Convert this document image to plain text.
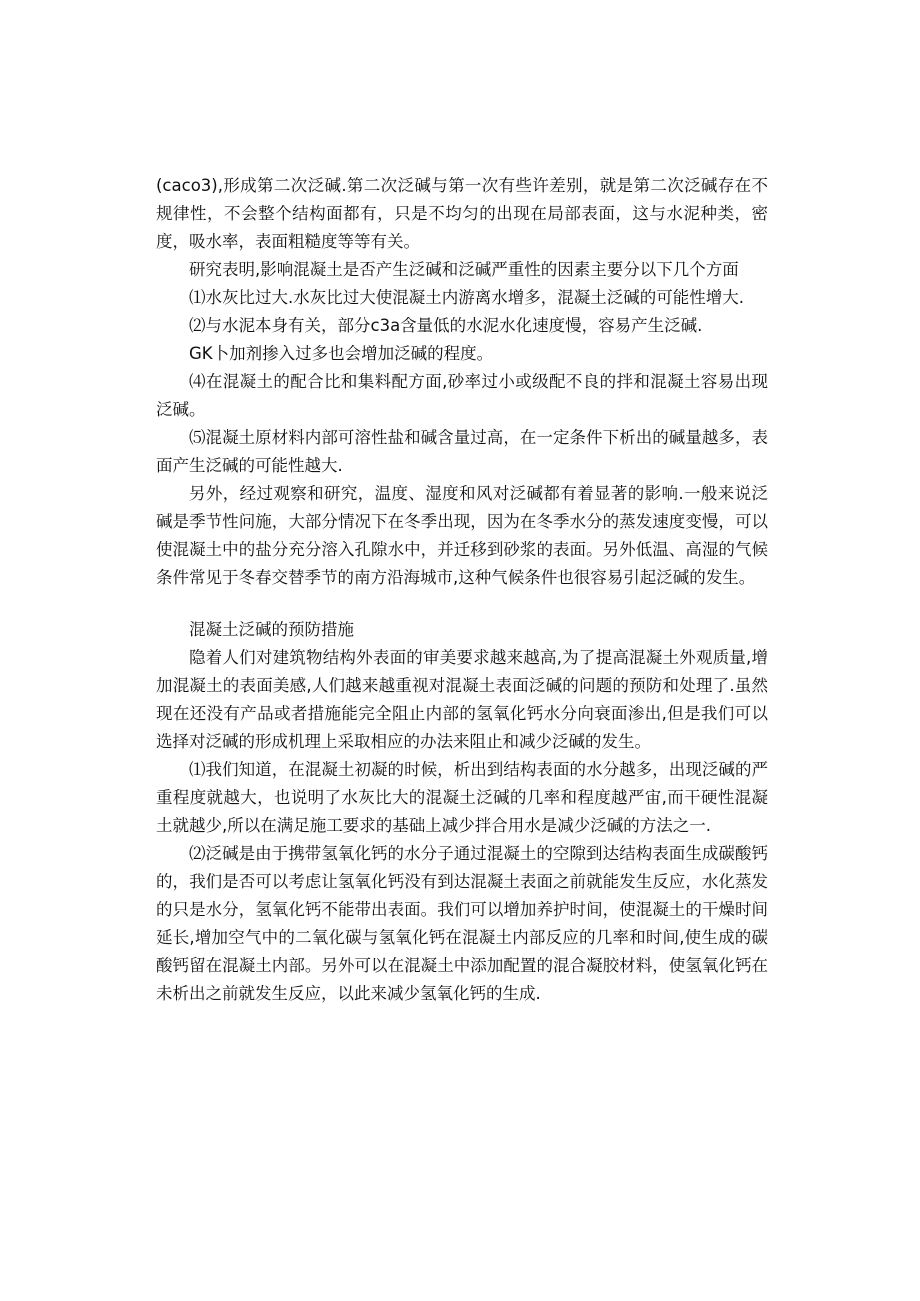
(caco3),形成第二次泛碱.第二次泛碱与第一次有些许差别，就是第二次泛碱存在不规律性，不会整个结构面都有，只是不均匀的出现在局部表面，这与水泥种类，密度，吸水率，表面粗糙度等等有关。

研究表明,影响混凝土是否产生泛碱和泛碱严重性的因素主要分以下几个方面

⑴水灰比过大.水灰比过大使混凝土内游离水增多，混凝土泛碱的可能性增大.

⑵与水泥本身有关，部分c3a含量低的水泥水化速度慢，容易产生泛碱.

GK卜加剂掺入过多也会增加泛碱的程度。

⑷在混凝土的配合比和集料配方面,砂率过小或级配不良的拌和混凝土容易出现泛碱。

⑸混凝土原材料内部可溶性盐和碱含量过高，在一定条件下析出的碱量越多，表面产生泛碱的可能性越大.

另外，经过观察和研究，温度、湿度和风对泛碱都有着显著的影响.一般来说泛碱是季节性问施，大部分情况下在冬季出现，因为在冬季水分的蒸发速度变慢，可以使混凝土中的盐分充分溶入孔隙水中，并迁移到砂浆的表面。另外低温、高湿的气候条件常见于冬春交替季节的南方沿海城市,这种气候条件也很容易引起泛碱的发生。

混凝土泛碱的预防措施

隐着人们对建筑物结构外表面的审美要求越来越高,为了提高混凝土外观质量,增加混凝土的表面美感,人们越来越重视对混凝土表面泛碱的问题的预防和处理了.虽然现在还没有产品或者措施能完全阻止内部的氢氧化钙水分向衰面渗出,但是我们可以选择对泛碱的形成机理上采取相应的办法来阻止和减少泛碱的发生。

⑴我们知道，在混凝土初凝的时候，析出到结构表面的水分越多，出现泛碱的严重程度就越大，也说明了水灰比大的混凝土泛碱的几率和程度越严宙,而干硬性混凝土就越少,所以在满足施工要求的基础上减少拌合用水是减少泛碱的方法之一.

⑵泛碱是由于携带氢氧化钙的水分子通过混凝土的空隙到达结构表面生成碳酸钙的，我们是否可以考虑让氢氧化钙没有到达混凝土表面之前就能发生反应，水化蒸发的只是水分，氢氧化钙不能带出表面。我们可以增加养护时间，使混凝土的干燥时间延长,增加空气中的二氧化碳与氢氧化钙在混凝土内部反应的几率和时间,使生成的碳酸钙留在混凝土内部。另外可以在混凝土中添加配置的混合凝胶材料，使氢氧化钙在未析出之前就发生反应，以此来减少氢氧化钙的生成.
